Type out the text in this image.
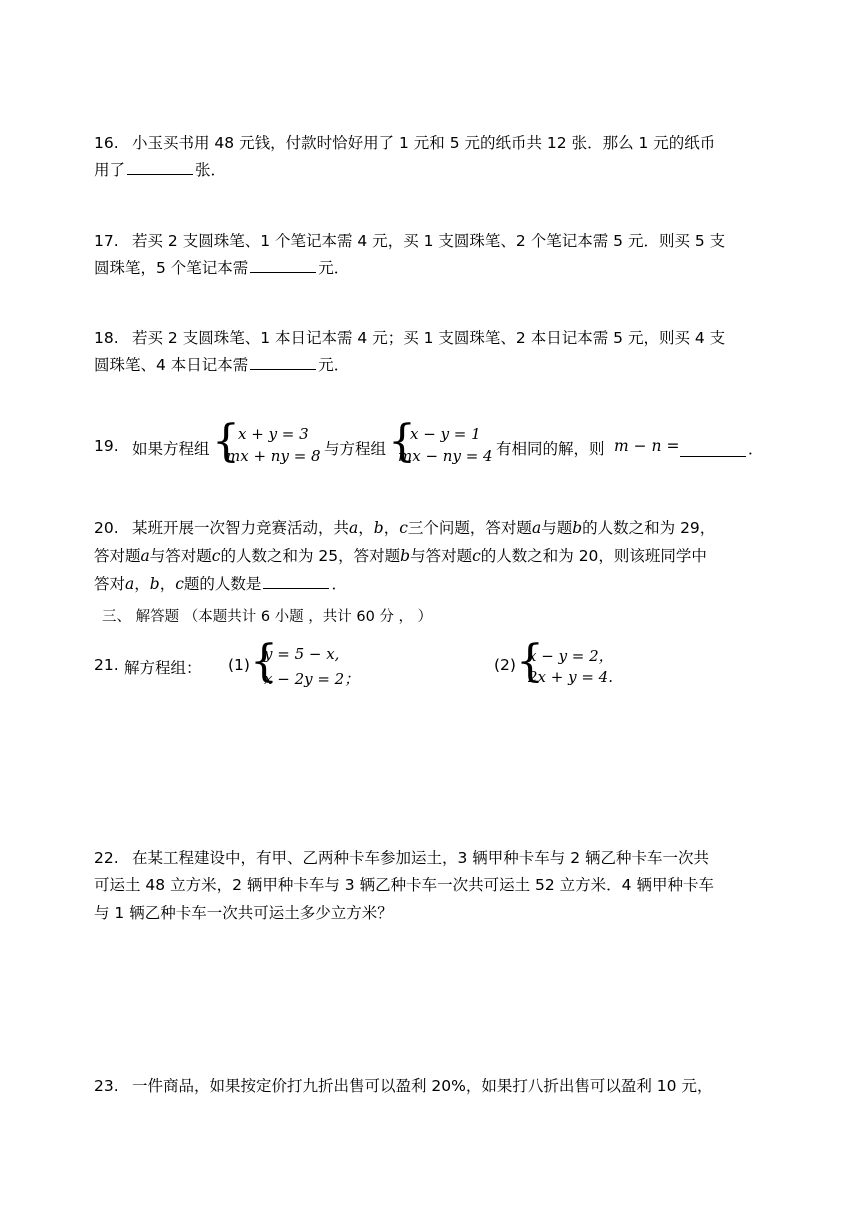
16. 小玉买书用 48 元钱，付款时恰好用了 1 元和 5 元的纸币共 12 张．那么 1 元的纸币
用了	张．
17. 若买 2 支圆珠笔、1 个笔记本需 4 元，买 1 支圆珠笔、2 个笔记本需 5 元．则买 5 支
圆珠笔，5 个笔记本需	元．
18. 若买 2 支圆珠笔、1 本日记本需 4 元；买 1 支圆珠笔、2 本日记本需 5 元，则买 4 支
圆珠笔、4 本日记本需	元．
19. 如果方程组 {
x + y = 3
mx + ny = 8 与方程组 {
x − y = 1
mx − ny = 4 有相同的解，则 m − n =	．
20. 某班开展一次智力竞赛活动，共a，b，c三个问题，答对题a与题b的人数之和为 29，
答对题a与答对题c的人数之和为 25，答对题b与答对题c的人数之和为 20，则该班同学中
答对a，b，c题的人数是	．
三、 解答题 （本题共计 6 小题 ，共计 60 分 ， ）
21. 解方程组： (1) {
y = 5 − x,
x − 2y = 2；
(2) {
x − y = 2，
2x + y = 4.
22. 在某工程建设中，有甲、乙两种卡车参加运土，3 辆甲种卡车与 2 辆乙种卡车一次共
可运土 48 立方米，2 辆甲种卡车与 3 辆乙种卡车一次共可运土 52 立方米．4 辆甲种卡车
与 1 辆乙种卡车一次共可运土多少立方米？
23. 一件商品，如果按定价打九折出售可以盈利 20%，如果打八折出售可以盈利 10 元，
